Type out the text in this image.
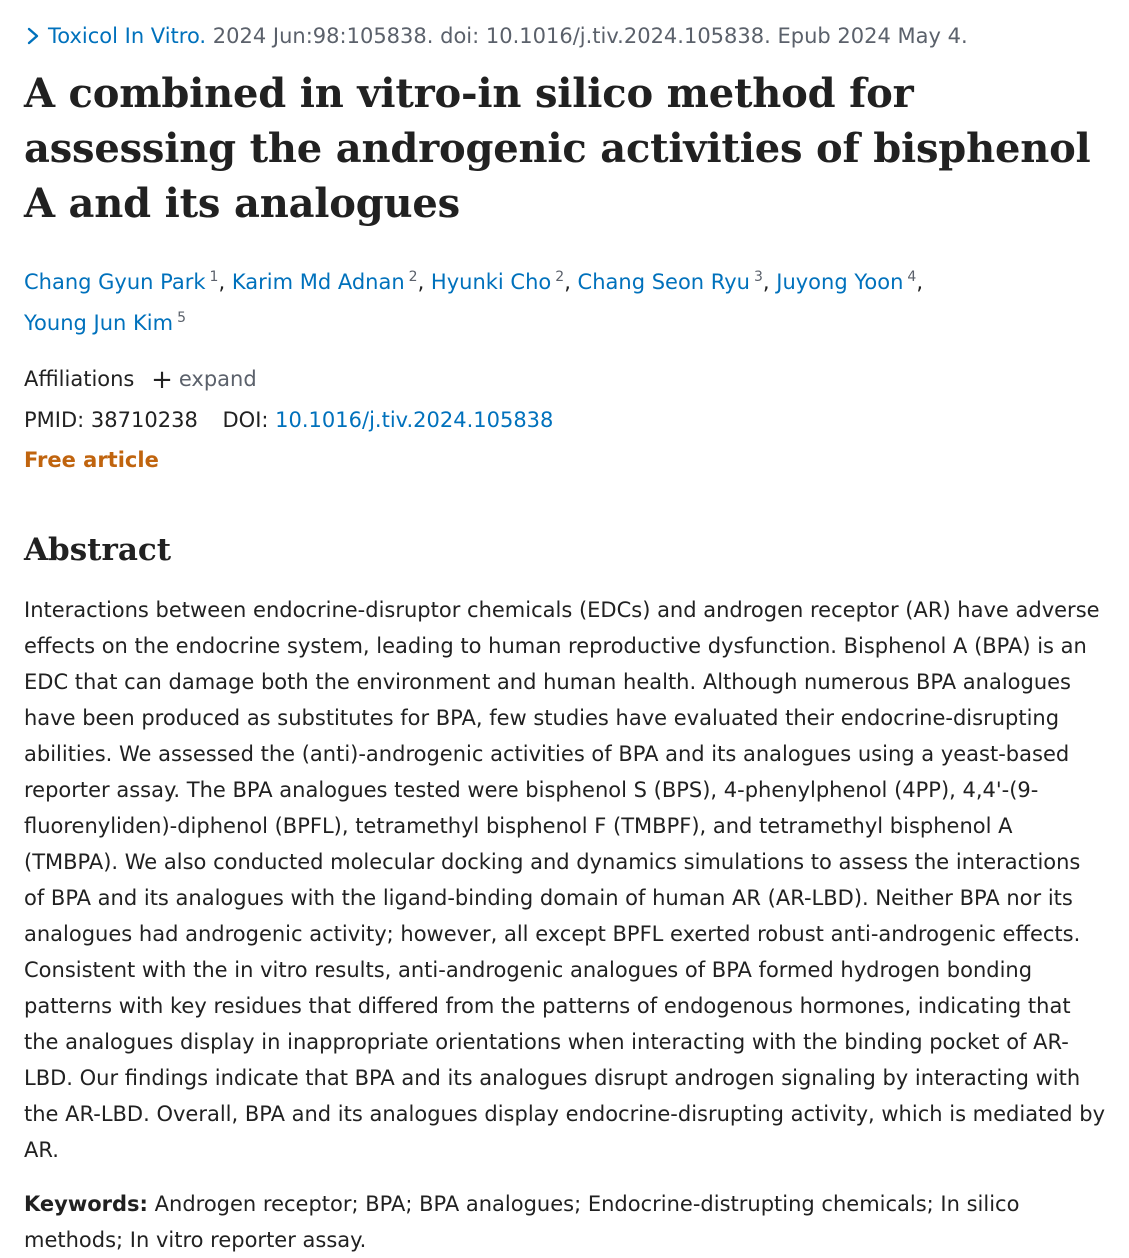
Toxicol In Vitro. 2024 Jun:98:105838. doi: 10.1016/j.tiv.2024.105838. Epub 2024 May 4.
A combined in vitro-in silico method for assessing the androgenic activities of bisphenol A and its analogues
Chang Gyun Park $^1$, Karim Md Adnan $^2$, Hyunki Cho $^2$, Chang Seon Ryu $^3$, Juyong Yoon $^4$,
Young Jun Kim $^5$
Affiliations + expand
PMID: 38710238 DOI: 10.1016/j.tiv.2024.105838
Free article
Abstract
Interactions between endocrine-disruptor chemicals (EDCs) and androgen receptor (AR) have adverse effects on the endocrine system, leading to human reproductive dysfunction. Bisphenol A (BPA) is an EDC that can damage both the environment and human health. Although numerous BPA analogues have been produced as substitutes for BPA, few studies have evaluated their endocrine-disrupting abilities. We assessed the (anti)-androgenic activities of BPA and its analogues using a yeast-based reporter assay. The BPA analogues tested were bisphenol S (BPS), 4-phenylphenol (4PP), 4,4'-(9-fluorenyliden)-diphenol (BPFL), tetramethyl bisphenol F (TMBPF), and tetramethyl bisphenol A (TMBPA). We also conducted molecular docking and dynamics simulations to assess the interactions of BPA and its analogues with the ligand-binding domain of human AR (AR-LBD). Neither BPA nor its analogues had androgenic activity; however, all except BPFL exerted robust anti-androgenic effects. Consistent with the in vitro results, anti-androgenic analogues of BPA formed hydrogen bonding patterns with key residues that differed from the patterns of endogenous hormones, indicating that the analogues display in inappropriate orientations when interacting with the binding pocket of AR-LBD. Our findings indicate that BPA and its analogues disrupt androgen signaling by interacting with the AR-LBD. Overall, BPA and its analogues display endocrine-disrupting activity, which is mediated by AR.
Keywords: Androgen receptor; BPA; BPA analogues; Endocrine-distrupting chemicals; In silico methods; In vitro reporter assay.
